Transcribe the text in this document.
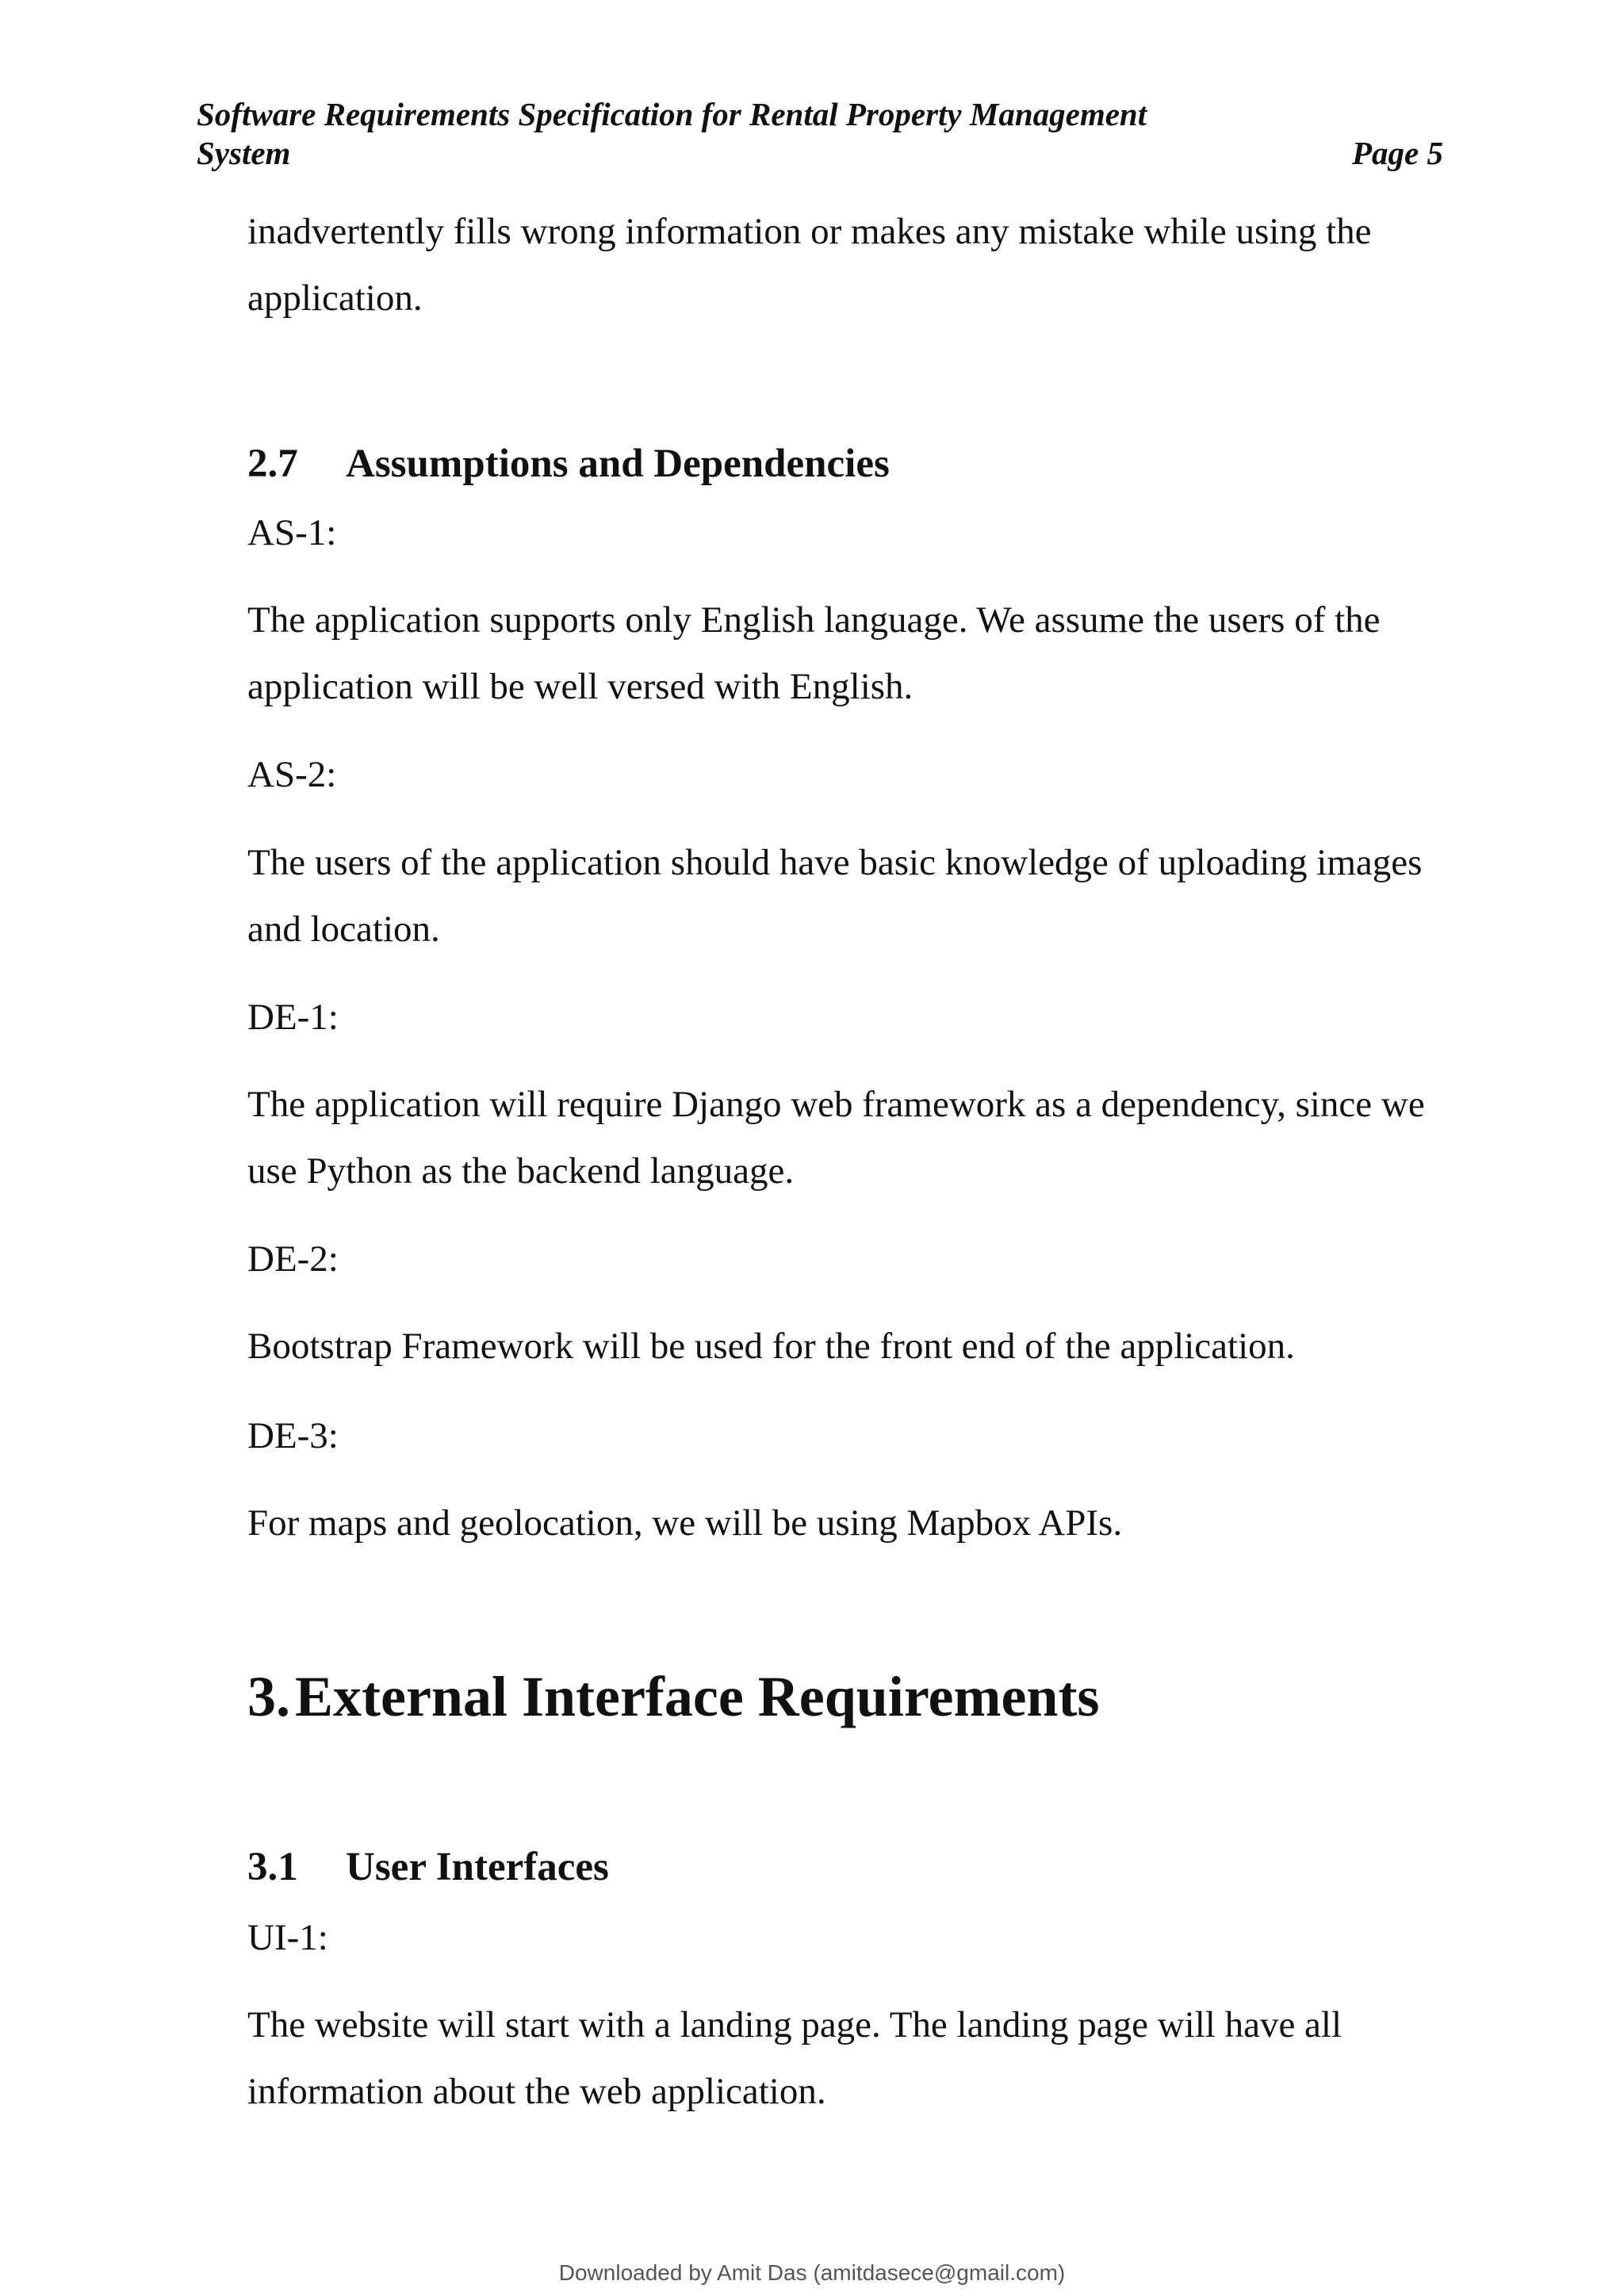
Software Requirements Specification for Rental Property Management System	Page 5

inadvertently fills wrong information or makes any mistake while using the application.

2.7 Assumptions and Dependencies

AS-1:

The application supports only English language. We assume the users of the application will be well versed with English.

AS-2:

The users of the application should have basic knowledge of uploading images and location.

DE-1:

The application will require Django web framework as a dependency, since we use Python as the backend language.

DE-2:

Bootstrap Framework will be used for the front end of the application.

DE-3:

For maps and geolocation, we will be using Mapbox APIs.

3.External Interface Requirements
3.1 User Interfaces

UI-1:

The website will start with a landing page. The landing page will have all information about the web application.

Downloaded by Amit Das (amitdasece@gmail.com)
